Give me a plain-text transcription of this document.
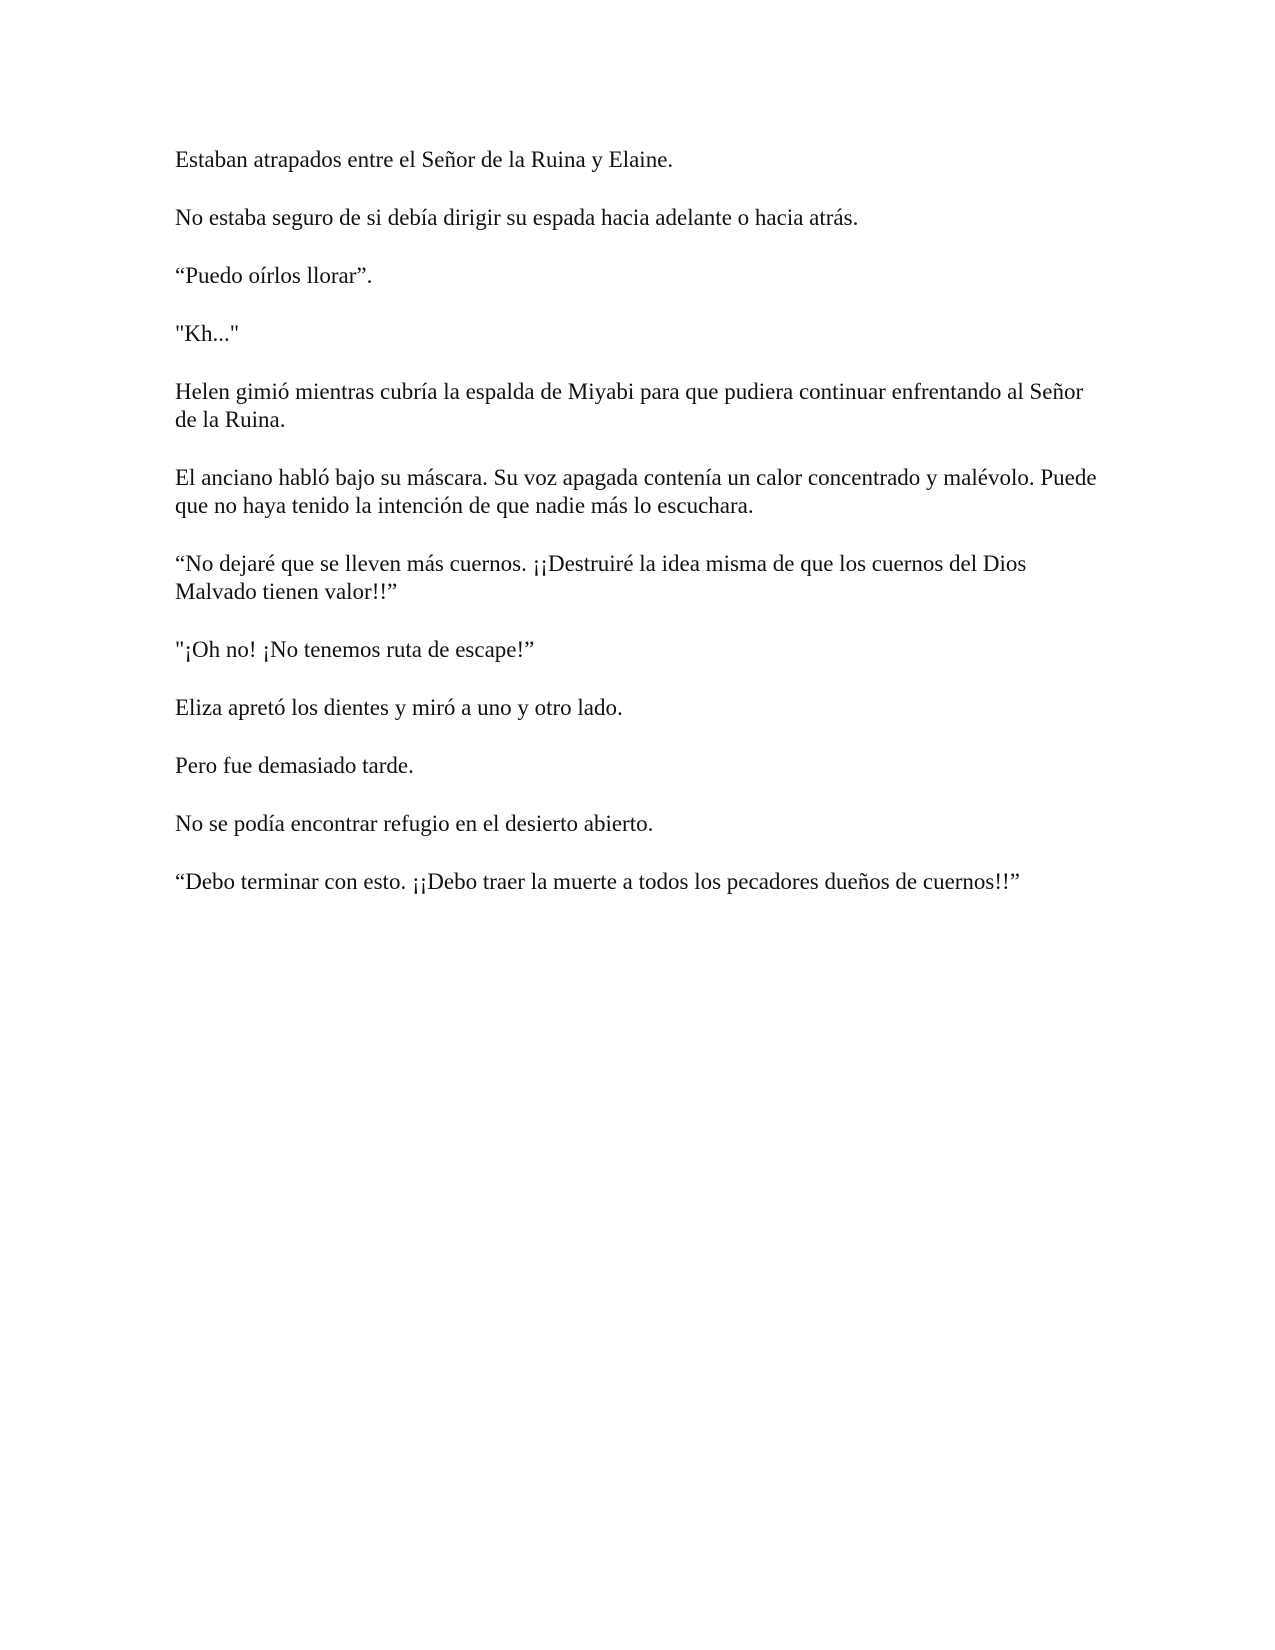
Estaban atrapados entre el Señor de la Ruina y Elaine.

No estaba seguro de si debía dirigir su espada hacia adelante o hacia atrás.

“Puedo oírlos llorar”.

"Kh..."

Helen gimió mientras cubría la espalda de Miyabi para que pudiera continuar enfrentando al Señor de la Ruina.

El anciano habló bajo su máscara. Su voz apagada contenía un calor concentrado y malévolo. Puede que no haya tenido la intención de que nadie más lo escuchara.

“No dejaré que se lleven más cuernos. ¡¡Destruiré la idea misma de que los cuernos del Dios Malvado tienen valor!!”

"¡Oh no! ¡No tenemos ruta de escape!”

Eliza apretó los dientes y miró a uno y otro lado.

Pero fue demasiado tarde.

No se podía encontrar refugio en el desierto abierto.

“Debo terminar con esto. ¡¡Debo traer la muerte a todos los pecadores dueños de cuernos!!”
